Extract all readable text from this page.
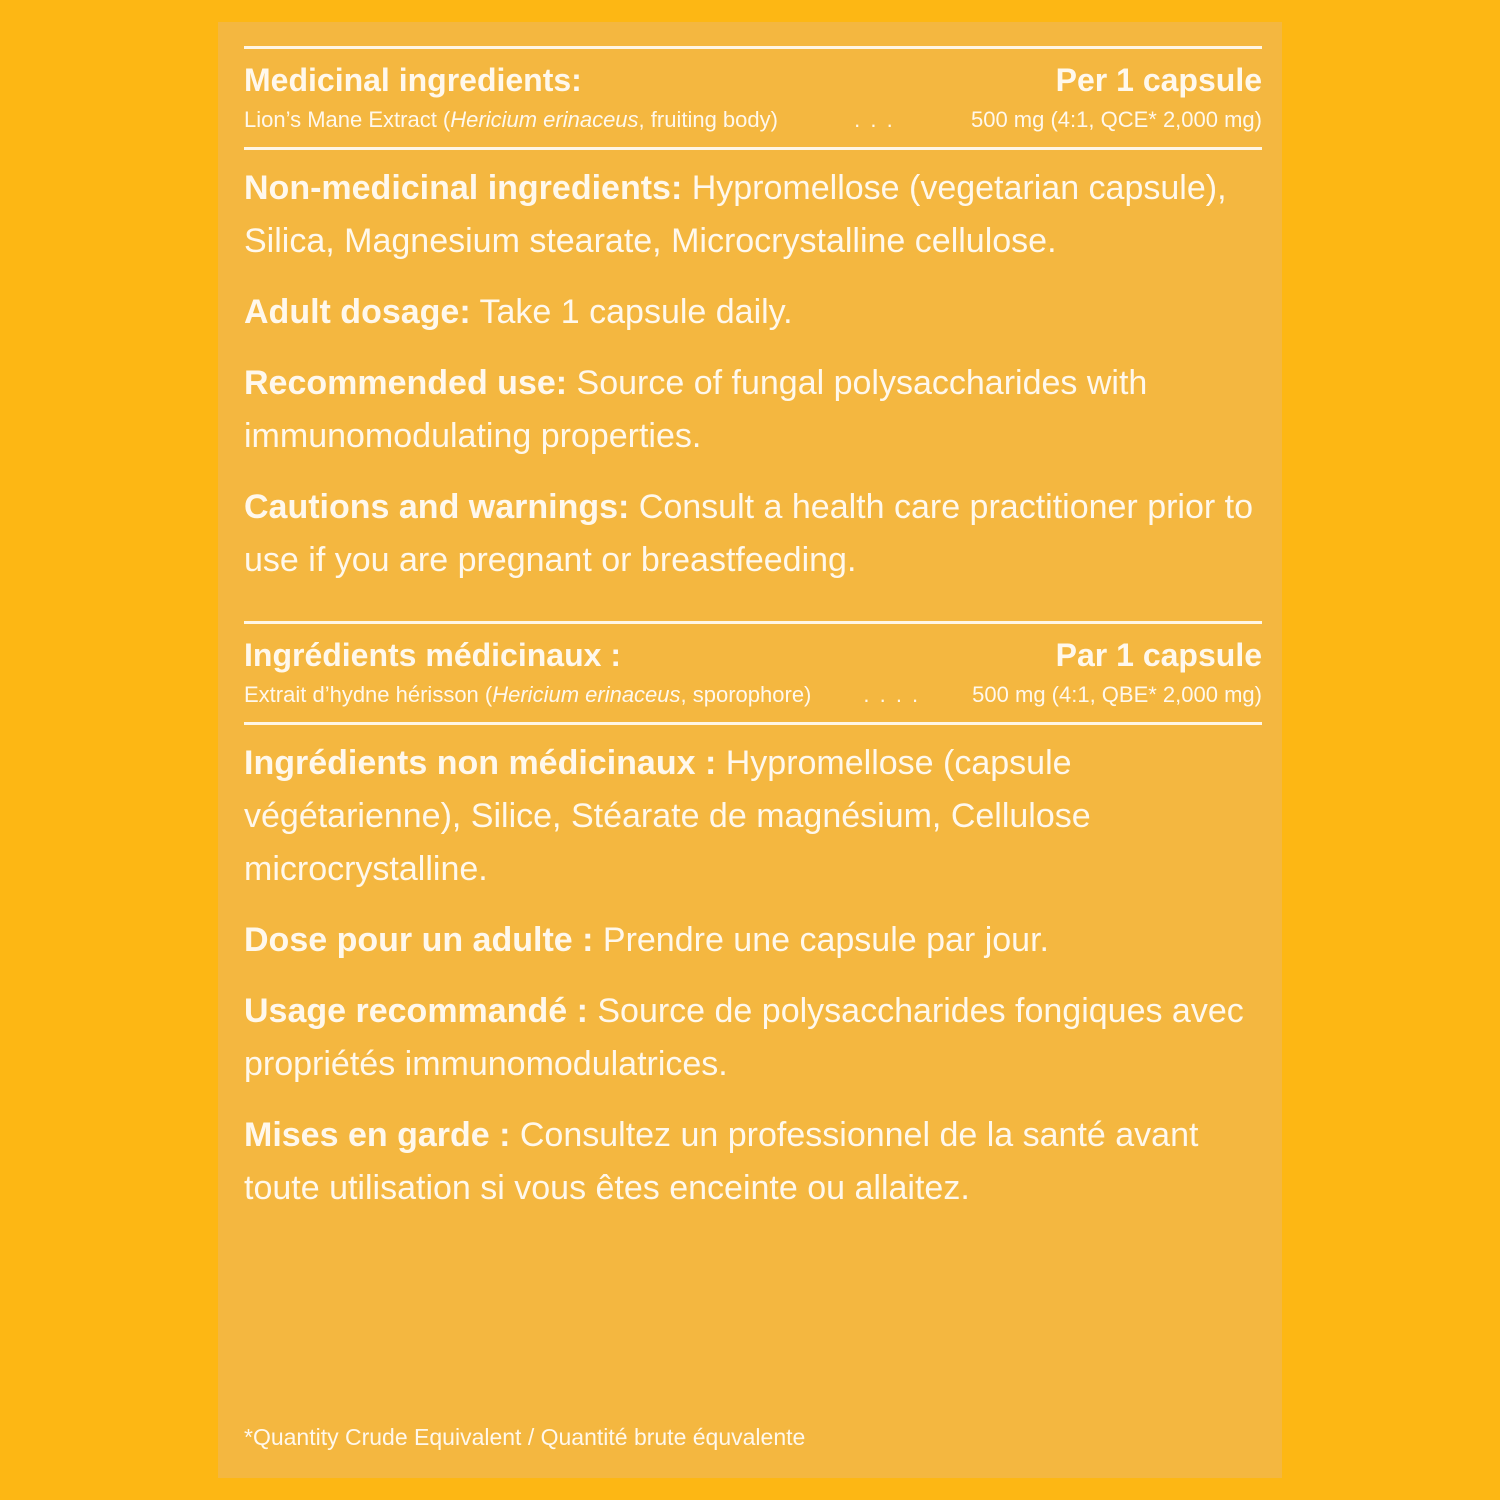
Medicinal ingredients:	Per 1 capsule
Lion’s Mane Extract (Hericium erinaceus, fruiting body)	. . .	500 mg (4:1, QCE* 2,000 mg)
Non-medicinal ingredients: Hypromellose (vegetarian capsule), Silica, Magnesium stearate, Microcrystalline cellulose.
Adult dosage: Take 1 capsule daily.
Recommended use: Source of fungal polysaccharides with immunomodulating properties.
Cautions and warnings: Consult a health care practitioner prior to use if you are pregnant or breastfeeding.
Ingrédients médicinaux :	Par 1 capsule
Extrait d’hydne hérisson (Hericium erinaceus, sporophore)	. . . .	500 mg (4:1, QBE* 2,000 mg)
Ingrédients non médicinaux : Hypromellose (capsule végétarienne), Silice, Stéarate de magnésium, Cellulose microcrystalline.
Dose pour un adulte : Prendre une capsule par jour.
Usage recommandé : Source de polysaccharides fongiques avec propriétés immunomodulatrices.
Mises en garde : Consultez un professionnel de la santé avant toute utilisation si vous êtes enceinte ou allaitez.
*Quantity Crude Equivalent / Quantité brute équvalente
